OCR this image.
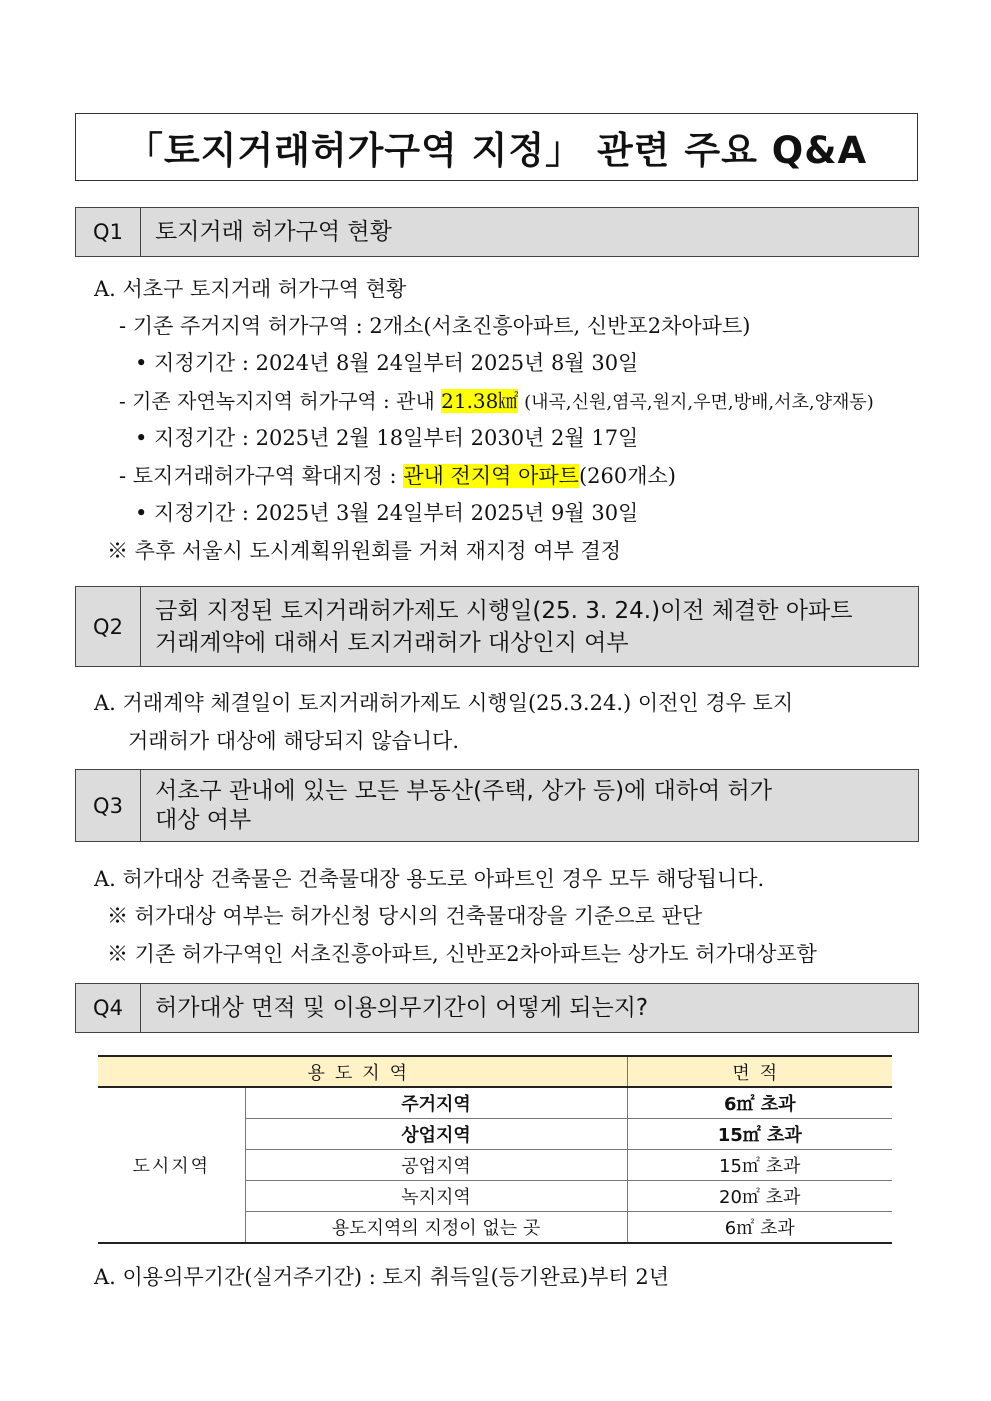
「토지거래허가구역 지정」 관련 주요 Q&A
Q1	토지거래 허가구역 현황
A. 서초구 토지거래 허가구역 현황
- 기존 주거지역 허가구역 : 2개소(서초진흥아파트, 신반포2차아파트)
• 지정기간 : 2024년 8월 24일부터 2025년 8월 30일
- 기존 자연녹지지역 허가구역 : 관내 21.38㎢ (내곡,신원,염곡,원지,우면,방배,서초,양재동)
• 지정기간 : 2025년 2월 18일부터 2030년 2월 17일
- 토지거래허가구역 확대지정 : 관내 전지역 아파트(260개소)
• 지정기간 : 2025년 3월 24일부터 2025년 9월 30일
※ 추후 서울시 도시계획위원회를 거쳐 재지정 여부 결정
Q2
금회 지정된 토지거래허가제도 시행일(25. 3. 24.)이전 체결한 아파트
거래계약에 대해서 토지거래허가 대상인지 여부
A. 거래계약 체결일이 토지거래허가제도 시행일(25.3.24.) 이전인 경우 토지
거래허가 대상에 해당되지 않습니다.
Q3
서초구 관내에 있는 모든 부동산(주택, 상가 등)에 대하여 허가
대상 여부
A. 허가대상 건축물은 건축물대장 용도로 아파트인 경우 모두 해당됩니다.
※ 허가대상 여부는 허가신청 당시의 건축물대장을 기준으로 판단
※ 기존 허가구역인 서초진흥아파트, 신반포2차아파트는 상가도 허가대상포함
Q4	허가대상 면적 및 이용의무기간이 어떻게 되는지?
용도지역		면적
도시지역	주거지역	6㎡ 초과
	상업지역	15㎡ 초과
	공업지역	15㎡ 초과
	녹지지역	20㎡ 초과
	용도지역의 지정이 없는 곳	6㎡ 초과
A. 이용의무기간(실거주기간) : 토지 취득일(등기완료)부터 2년
